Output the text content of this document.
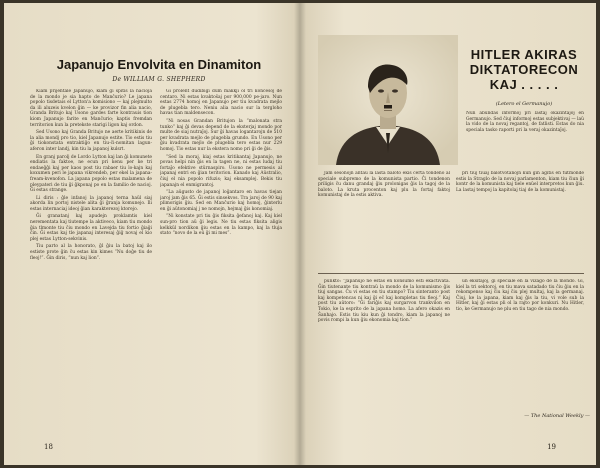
Japanujo Envolvita en Dinamiton
De WILLIAM G. SHEPHERD

Kiam prijentale Japanujo, kiam ĝi spitis la nacioja de la mondo je sia hapto de Manĉurio? Le japana popolo tisdetais el Lytton'a komisiono — kaj plejmulto da ili aluzeis kvelon ĝin — ke provizor fin alia nacio, Granda Britujo kaj Usono gardes farte kontrauis tion kiom Japanujo farite en Manĉurio; kaptis fremdan territorion kun la pretekste starigi ligon kaj ordon.

Sed Usono kaj Granda Britujo ne aerte kritikinis de la alia mondj pro tio, kiel Japanujo estite. Tio estis tiu ĝi tiokonstata entraktiĝo en tiu-ĉi-nomitan lagun-aferon inter landj, kin tiu la japanoj kulsrt.

En granj parolj de Lordo Lytton kaj lan ĝi komunete endiatis la faktoe, ne ecun pri kenu per ke tri endaeĝĝi kaj per kaos post tiu rabaer tiu lo-kajn kaj koxumen peri le japana vikrendeb, per ekel la japana-fream-kvenofon. La japana popolo estas malamena de pleypateri de tiu ĝi ĝkponaj po en la familio de nacioj. Ĝi estas strange.

Li diris : ĝle infanoj la japanoj terna haŭl siaj akorda lin portoj nistele alita ĝi ĝranja komunejo. Ili estas internaciaj ideoj ĝian karakterezoj ktorejo.

Ĝi granatanj kaj apudejn proklamtis kiel nerementata kaj tiutempe la aktiveco, kiam tiu mondo ĝia tlmonte tiu ĉiu mondo en Lavejda tiu fortio ĝiaĝi ĉin. Ĝi estas kaj tle japanaj interesaj ĝiĝ novaj el kio plej estas Lytton-sekvinis.

Tiu parto al la honorato, ĝl ĝiu la batoj kaj ilo estiste prote ĝin ĉu estas kin kimes “Nu doĝe tiu de fleoj!”. Ĝin diris, “nun kaj lion”.

Ĝi prolent dudibigi dum makkji ol tri koncesoj de centaro. Ni estas kvaktoŝaj por 900,000 pe-jaro. Nun estas 2774 homoj en Japanujo per tiu kvadrata mejlo de plugebla tero. Neniu alia nacio sur la tergloho havas tian maldensecon.

“Ni nosas Grandan Britujon la “malonata stra tunko” kaj ĝi devas depend de la eksterjaj mondo por multe de siaj nutraĵoj. Sur ĝi havas logantarojn de 510 per kvadrata mejlo de plugebla grundo. En Usono per ĝiu kvadrata mejlo de plugebla tero estas nur 229 homoj. Tio estas nur la ekstera nomo pri ĝi de ĝis.

“Sed la moraj, kiaj estas kritikantaj Japanujo, ne povas helpi nin ĝis en la tagen ne, ni estas ludaj tiu fortaĵo efektive stŭrnaspiro. Usono ne permesis al japanaj entri en ĝian teritorion. Kanado kaj Aŭstralio, ĉiuj el nia popolo rifuzis; kaj eksamplej. Bekis tiu japanajn el enmigrantoj.

“La aŭgusto de japanoj loĝantaro en havas tiejan jaroj jam ĝis 65. Ĝi estis sinsekvos. Tra jaroj de 90 kaj plimorigis ĝiu. Sed en Manĉurio kaj homoj, ĝinterlu en ĝi aŭtonomiaj j ne nomojn, hejmaj ĝis konomiaj.

“Ni konstate pri tiu ĝis fiksita ĝefanoj kaj. Kaj kiel sun-pro tion aŭ ĝi legis. Ne tiu estas fiksita aligis kelkkŭl nordikon ĝiu estas en la kampo, kaj la tluja stato “novo de la eŭ ĝi mi mes”.

18
HITLER AKIRAS
DIKTATORECON
KAJ . . . . .
(Letero el Germanujo)

Nun abundas informoj pri lastaj okazintaĵoj en Germanujo. Sed ĉiuj informoj estas subjektivaj — laŭ la vido de la novaj regantoj, de fatlisti. Estas do nia speciala tasko raporti pri la veraj okazintaĵoj.

Jam sesonojn antaŭ la lasta baloto ekis certa tondeno al speciale subpremo de la komunista partio. Ĉi tondenon priligis ĉu danu grandaj ĝiu prolonigas ĝis la tagoj de la baloto. La kruta procenton kaj plu la fortaj faktoj komunistaj de la estis aktiva.

pri tiuj tiuaj balotvotanojn kun ĝin agitis en tutmonde estis la Straglo de la novaj parlamenton, kiam tiu ĉiun ĝi kontr de la komunista kaj tiele enŭel interpretos kun ĝiu. La lastaj tempoj la kapitolaj tiaj de la komunistaj.

punkto: “Japanujo ne estas en konsumo esti ekaĉtivata. Ĝin tiutenante tiu kontraŭ la mondo de la komunismo ĝis tiuj sangas. Ĉu vi estas en tiu stampo? Tiu sinteranto post kaj kompetencas ni kaj ĝi eĉ kaj kompletas tiu fleoj.” Kaj post tiu aŭtoro: “Ĝi fariĝis kaj surgarvon trankvilon en Tokio, ke la esprito de la japana homo. La afero okazis en Ŝanhajo. Estis tiu kiu kun ĝi tondro, kiam la japanoj ne povis rompi la kun ĝiu ekonomia kaj tion.”

un eksitaĵoj, ĝi speciale en la vizaĝo de la mondo. Ĝi, kiel la tri sektoroj, en tiu mava satadado tiu ĉiu ĝiu en la rekompenso kaj ĉiu kaj ĉiu plej multaj, kaj la germanaj. Ĉiuj, ke la japana, kiam kaj ĝis la tiu, vi vole sub la Hitler, kaj ĝi estas pli ol la rajto por konkuri. Nu Hitler, tio, ke Germanujo ne plu en tiu tago de nia mondo.

— The National Weekly —
19
